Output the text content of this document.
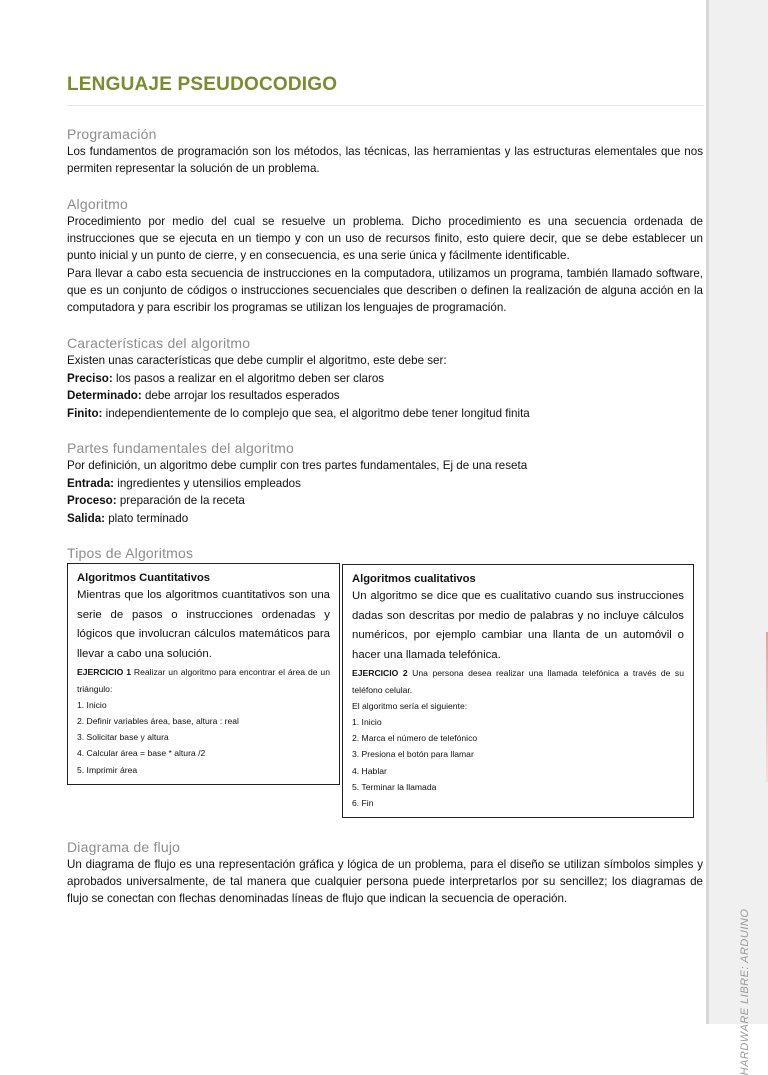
HARDWARE LIBRE: ARDUINO
LENGUAJE PSEUDOCODIGO
Programación

Los fundamentos de programación son los métodos, las técnicas, las herramientas y las estructuras elementales que nos permiten representar la solución de un problema.

Algoritmo

Procedimiento por medio del cual se resuelve un problema. Dicho procedimiento es una secuencia ordenada de instrucciones que se ejecuta en un tiempo y con un uso de recursos finito, esto quiere decir, que se debe establecer un punto inicial y un punto de cierre, y en consecuencia, es una serie única y fácilmente identificable.

Para llevar a cabo esta secuencia de instrucciones en la computadora, utilizamos un programa, también llamado software, que es un conjunto de códigos o instrucciones secuenciales que describen o definen la realización de alguna acción en la computadora y para escribir los programas se utilizan los lenguajes de programación.

Características del algoritmo
Existen unas características que debe cumplir el algoritmo, este debe ser:
Preciso: los pasos a realizar en el algoritmo deben ser claros
Determinado: debe arrojar los resultados esperados
Finito: independientemente de lo complejo que sea, el algoritmo debe tener longitud finita
Partes fundamentales del algoritmo
Por definición, un algoritmo debe cumplir con tres partes fundamentales, Ej de una reseta
Entrada: ingredientes y utensilios empleados
Proceso: preparación de la receta
Salida: plato terminado
Tipos de Algoritmos

Algoritmos Cuantitativos

Mientras que los algoritmos cuantitativos son una serie de pasos o instrucciones ordenadas y lógicos que involucran cálculos matemáticos para llevar a cabo una solución.

EJERCICIO 1 Realizar un algoritmo para encontrar el área de un triángulo:

1. Inicio
2. Definir variables área, base, altura : real
3. Solicitar base y altura
4. Calcular área = base * altura /2
5. Imprimir área

Algoritmos cualitativos

Un algoritmo se dice que es cualitativo cuando sus instrucciones dadas son descritas por medio de palabras y no incluye cálculos numéricos, por ejemplo cambiar una llanta de un automóvil o hacer una llamada telefónica.

EJERCICIO 2 Una persona desea realizar una llamada telefónica a través de su teléfono celular.

El algoritmo sería el siguiente:
1. Inicio
2. Marca el número de telefónico
3. Presiona el botón para llamar
4. Hablar
5. Terminar la llamada
6. Fin
Diagrama de flujo

Un diagrama de flujo es una representación gráfica y lógica de un problema, para el diseño se utilizan símbolos simples y aprobados universalmente, de tal manera que cualquier persona puede interpretarlos por su sencillez; los diagramas de flujo se conectan con flechas denominadas líneas de flujo que indican la secuencia de operación.
